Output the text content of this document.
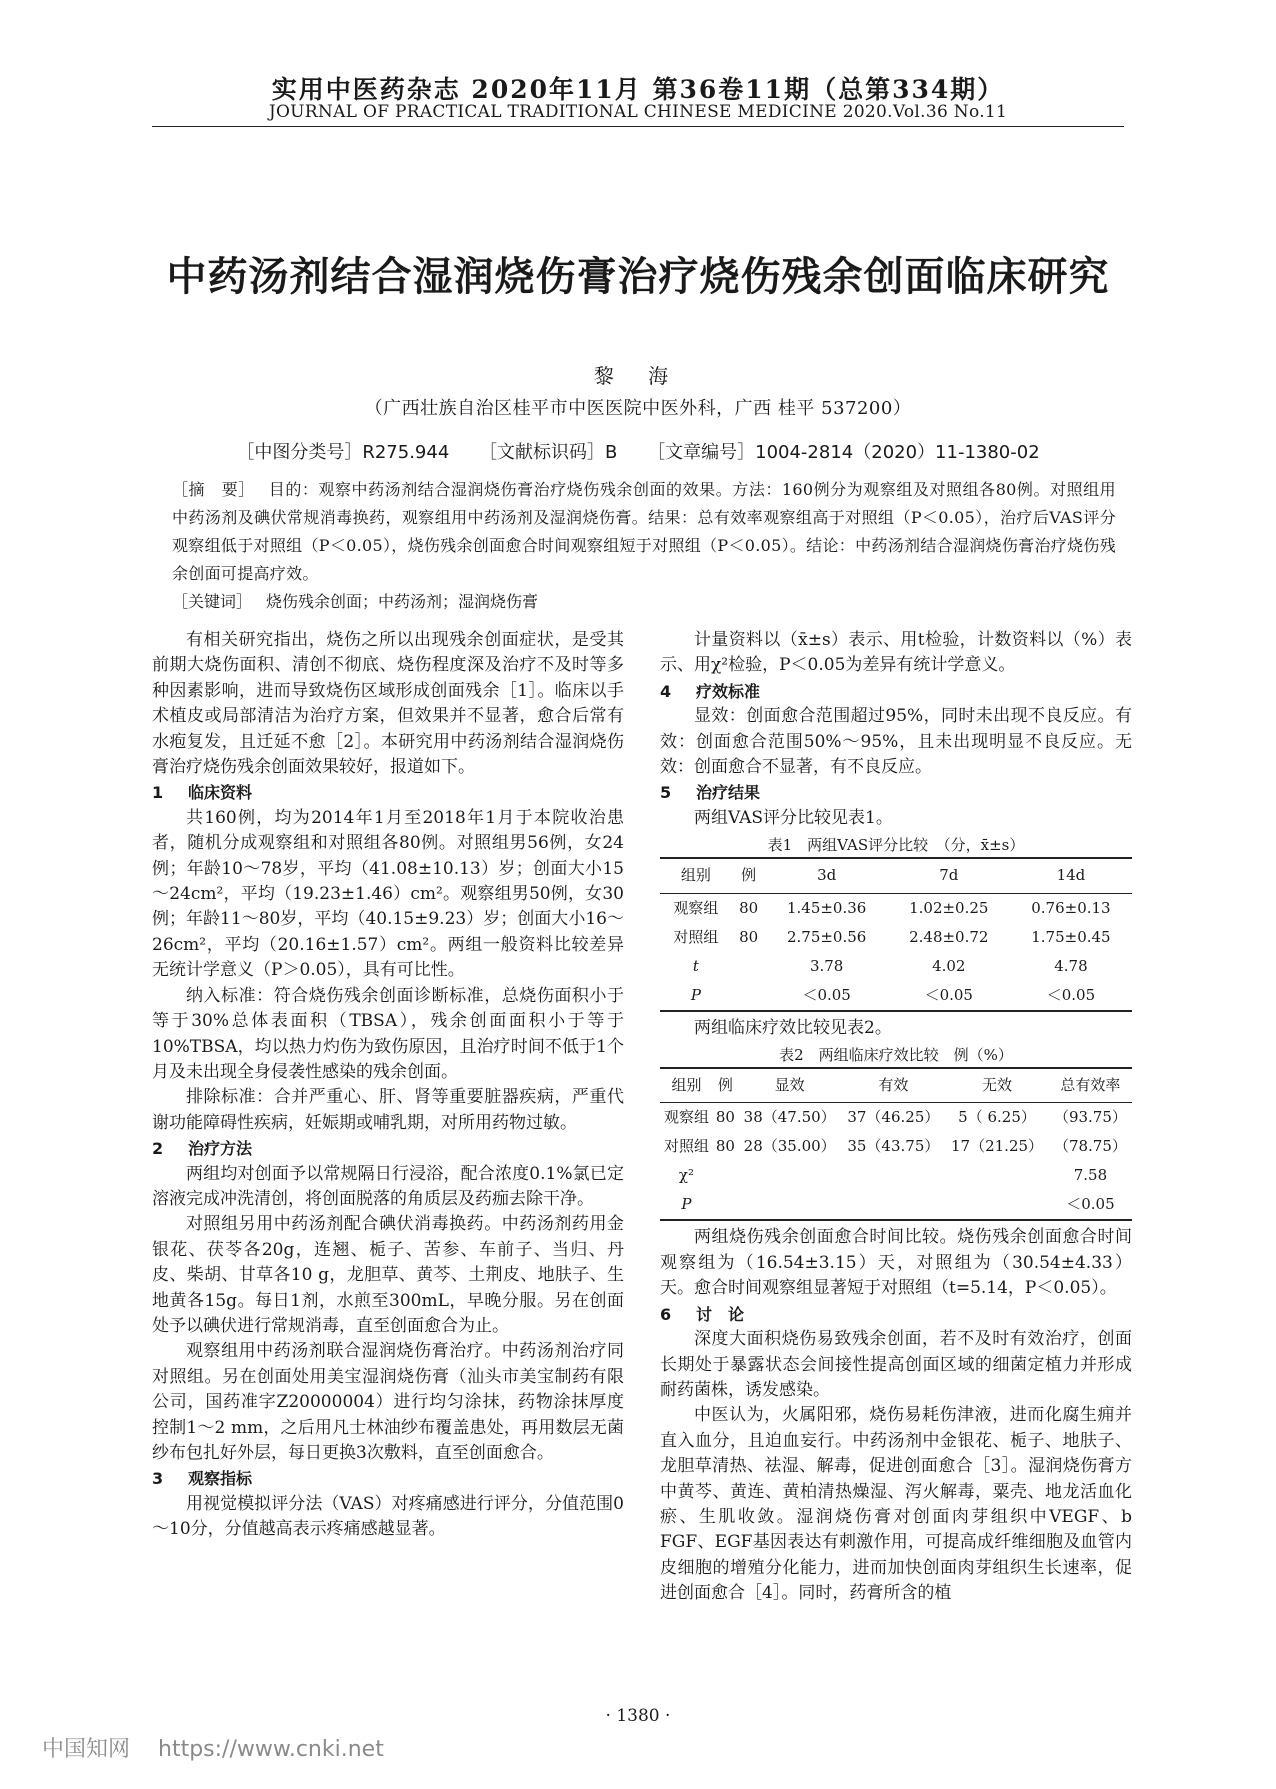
实用中医药杂志 2020年11月 第36卷11期（总第334期）
JOURNAL OF PRACTICAL TRADITIONAL CHINESE MEDICINE 2020.Vol.36 No.11
中药汤剂结合湿润烧伤膏治疗烧伤残余创面临床研究
黎 海
（广西壮族自治区桂平市中医医院中医外科，广西 桂平 537200）
［中图分类号］R275.944 ［文献标识码］B ［文章编号］1004-2814（2020）11-1380-02
［摘　要］ 目的：观察中药汤剂结合湿润烧伤膏治疗烧伤残余创面的效果。方法：160例分为观察组及对照组各80例。对照组用中药汤剂及碘伏常规消毒换药，观察组用中药汤剂及湿润烧伤膏。结果：总有效率观察组高于对照组（P＜0.05），治疗后VAS评分观察组低于对照组（P＜0.05），烧伤残余创面愈合时间观察组短于对照组（P＜0.05）。结论：中药汤剂结合湿润烧伤膏治疗烧伤残余创面可提高疗效。
［关键词］ 烧伤残余创面；中药汤剂；湿润烧伤膏

有相关研究指出，烧伤之所以出现残余创面症状，是受其前期大烧伤面积、清创不彻底、烧伤程度深及治疗不及时等多种因素影响，进而导致烧伤区域形成创面残余［1］。临床以手术植皮或局部清洁为治疗方案，但效果并不显著，愈合后常有水疱复发，且迁延不愈［2］。本研究用中药汤剂结合湿润烧伤膏治疗烧伤残余创面效果较好，报道如下。

1 临床资料

共160例，均为2014年1月至2018年1月于本院收治患者，随机分成观察组和对照组各80例。对照组男56例，女24例；年龄10～78岁，平均（41.08±10.13）岁；创面大小15～24cm²，平均（19.23±1.46）cm²。观察组男50例，女30例；年龄11～80岁，平均（40.15±9.23）岁；创面大小16～26cm²，平均（20.16±1.57）cm²。两组一般资料比较差异无统计学意义（P＞0.05），具有可比性。

纳入标准：符合烧伤残余创面诊断标准，总烧伤面积小于等于30%总体表面积（TBSA），残余创面面积小于等于10%TBSA，均以热力灼伤为致伤原因，且治疗时间不低于1个月及未出现全身侵袭性感染的残余创面。

排除标准：合并严重心、肝、肾等重要脏器疾病，严重代谢功能障碍性疾病，妊娠期或哺乳期，对所用药物过敏。

2 治疗方法

两组均对创面予以常规隔日行浸浴，配合浓度0.1%氯已定溶液完成冲洗清创，将创面脱落的角质层及药痂去除干净。

对照组另用中药汤剂配合碘伏消毒换药。中药汤剂药用金银花、茯苓各20g，连翘、栀子、苦参、车前子、当归、丹皮、柴胡、甘草各10 g，龙胆草、黄芩、土荆皮、地肤子、生地黄各15g。每日1剂，水煎至300mL，早晚分服。另在创面处予以碘伏进行常规消毒，直至创面愈合为止。

观察组用中药汤剂联合湿润烧伤膏治疗。中药汤剂治疗同对照组。另在创面处用美宝湿润烧伤膏（汕头市美宝制药有限公司，国药准字Z20000004）进行均匀涂抹，药物涂抹厚度控制1～2 mm，之后用凡士林油纱布覆盖患处，再用数层无菌纱布包扎好外层，每日更换3次敷料，直至创面愈合。

3 观察指标

用视觉模拟评分法（VAS）对疼痛感进行评分，分值范围0～10分，分值越高表示疼痛感越显著。

计量资料以（x̄±s）表示、用t检验，计数资料以（%）表示、用χ²检验，P＜0.05为差异有统计学意义。

4 疗效标准

显效：创面愈合范围超过95%，同时未出现不良反应。有效：创面愈合范围50%～95%，且未出现明显不良反应。无效：创面愈合不显著，有不良反应。

5 治疗结果

两组VAS评分比较见表1。

表1　两组VAS评分比较　（分，x̄±s）
组别	例	3d	7d	14d
观察组	80	1.45±0.36	1.02±0.25	0.76±0.13
对照组	80	2.75±0.56	2.48±0.72	1.75±0.45
t		3.78	4.02	4.78
P		＜0.05	＜0.05	＜0.05

两组临床疗效比较见表2。

表2　两组临床疗效比较　例（%）
组别	例	显效	有效	无效	总有效率
观察组	80	38（47.50）	37（46.25）	5（ 6.25）	（93.75）
对照组	80	28（35.00）	35（43.75）	17（21.25）	（78.75）
χ²					7.58
P					＜0.05

两组烧伤残余创面愈合时间比较。烧伤残余创面愈合时间观察组为（16.54±3.15）天，对照组为（30.54±4.33）天。愈合时间观察组显著短于对照组（t=5.14，P＜0.05）。

6 讨　论

深度大面积烧伤易致残余创面，若不及时有效治疗，创面长期处于暴露状态会间接性提高创面区域的细菌定植力并形成耐药菌株，诱发感染。

中医认为，火属阳邪，烧伤易耗伤津液，进而化腐生痈并直入血分，且迫血妄行。中药汤剂中金银花、栀子、地肤子、龙胆草清热、祛湿、解毒，促进创面愈合［3］。湿润烧伤膏方中黄芩、黄连、黄柏清热燥湿、泻火解毒，粟壳、地龙活血化瘀、生肌收敛。湿润烧伤膏对创面肉芽组织中VEGF、b FGF、EGF基因表达有刺激作用，可提高成纤维细胞及血管内皮细胞的增殖分化能力，进而加快创面肉芽组织生长速率，促进创面愈合［4］。同时，药膏所含的植

· 1380 ·
中国知网 https://www.cnki.net
